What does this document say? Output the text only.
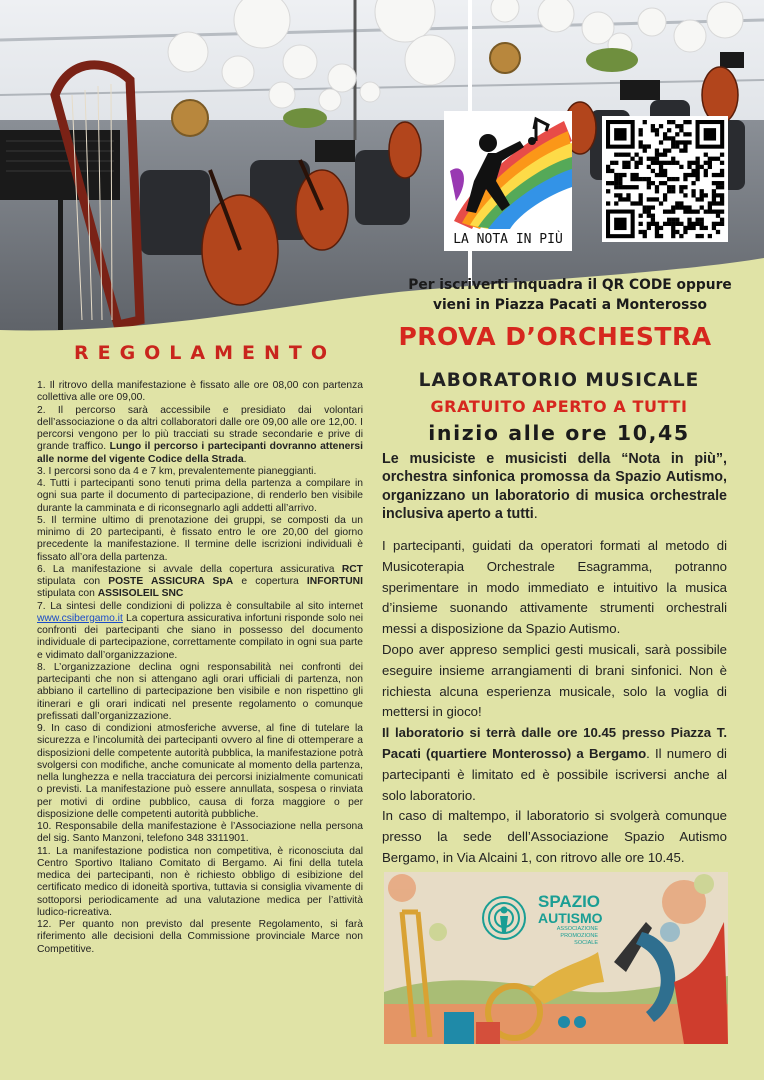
LA NOTA IN PIÙ
Per iscriverti inquadra il QR CODE oppure
vieni in Piazza Pacati a Monterosso
PROVA D’ORCHESTRA
REGOLAMENTO

1. Il ritrovo della manifestazione è fissato alle ore 08,00 con partenza collettiva alle ore 09,00.

2. Il percorso sarà accessibile e presidiato dai volontari dell’associazione o da altri collaboratori dalle ore 09,00 alle ore 12,00. I percorsi vengono per lo più tracciati su strade secondarie e prive di grande traffico. Lungo il percorso i partecipanti dovranno attenersi alle norme del vigente Codice della Strada.

3. I percorsi sono da 4 e 7 km, prevalentemente pianeggianti.

4. Tutti i partecipanti sono tenuti prima della partenza a compilare in ogni sua parte il documento di partecipazione, di renderlo ben visibile durante la camminata e di riconsegnarlo agli addetti all’arrivo.

5. Il termine ultimo di prenotazione dei gruppi, se composti da un minimo di 20 partecipanti, è fissato entro le ore 20,00 del giorno precedente la manifestazione. Il termine delle iscrizioni individuali è fissato all’ora della partenza.

6. La manifestazione si avvale della copertura assicurativa RCT stipulata con POSTE ASSICURA SpA e copertura INFORTUNI stipulata con ASSISOLEIL SNC

7. La sintesi delle condizioni di polizza è consultabile al sito internet www.csibergamo.it La copertura assicurativa infortuni risponde solo nei confronti dei partecipanti che siano in possesso del documento individuale di partecipazione, correttamente compilato in ogni sua parte e vidimato dall’organizzazione.

8. L’organizzazione declina ogni responsabilità nei confronti dei partecipanti che non si attengano agli orari ufficiali di partenza, non abbiano il cartellino di partecipazione ben visibile e non rispettino gli itinerari e gli orari indicati nel presente regolamento o comunque prefissati dall’organizzazione.

9. In caso di condizioni atmosferiche avverse, al fine di tutelare la sicurezza e l’incolumità dei partecipanti ovvero al fine di ottemperare a disposizioni delle competente autorità pubblica, la manifestazione potrà svolgersi con modifiche, anche comunicate al momento della partenza, nella lunghezza e nella tracciatura dei percorsi inizialmente comunicati o previsti. La manifestazione può essere annullata, sospesa o rinviata per motivi di ordine pubblico, causa di forza maggiore o per disposizione delle competenti autorità pubbliche.

10. Responsabile della manifestazione è l’Associazione nella persona del sig. Santo Manzoni, telefono 348 3311901.

11. La manifestazione podistica non competitiva, è riconosciuta dal Centro Sportivo Italiano Comitato di Bergamo. Ai fini della tutela medica dei partecipanti, non è richiesto obbligo di esibizione del certificato medico di idoneità sportiva, tuttavia si consiglia vivamente di sottoporsi periodicamente ad una valutazione medica per l’attività ludico-ricreativa.

12. Per quanto non previsto dal presente Regolamento, si farà riferimento alle decisioni della Commissione provinciale Marce non Competitive.

LABORATORIO MUSICALE
GRATUITO APERTO A TUTTI
inizio alle ore 10,45
Le musiciste e musicisti della “Nota in più”, orchestra sinfonica promossa da Spazio Autismo, organizzano un laboratorio di musica orchestrale inclusiva aperto a tutti.

I partecipanti, guidati da operatori formati al metodo di Musicoterapia Orchestrale Esagramma, potranno sperimentare in modo immediato e intuitivo la musica d’insieme suonando attivamente strumenti orchestrali messi a disposizione da Spazio Autismo.

Dopo aver appreso semplici gesti musicali, sarà possibile eseguire insieme arrangiamenti di brani sinfonici. Non è richiesta alcuna esperienza musicale, solo la voglia di mettersi in gioco!

Il laboratorio si terrà dalle ore 10.45 presso Piazza T. Pacati (quartiere Monterosso) a Bergamo. Il numero di partecipanti è limitato ed è possibile iscriversi anche al solo laboratorio.

In caso di maltempo, il laboratorio si svolgerà comunque presso la sede dell’Associazione Spazio Autismo Bergamo, in Via Alcaini 1, con ritrovo alle ore 10.45.

SPAZIO
AUTISMO
ASSOCIAZIONE
PROMOZIONE SOCIALE
